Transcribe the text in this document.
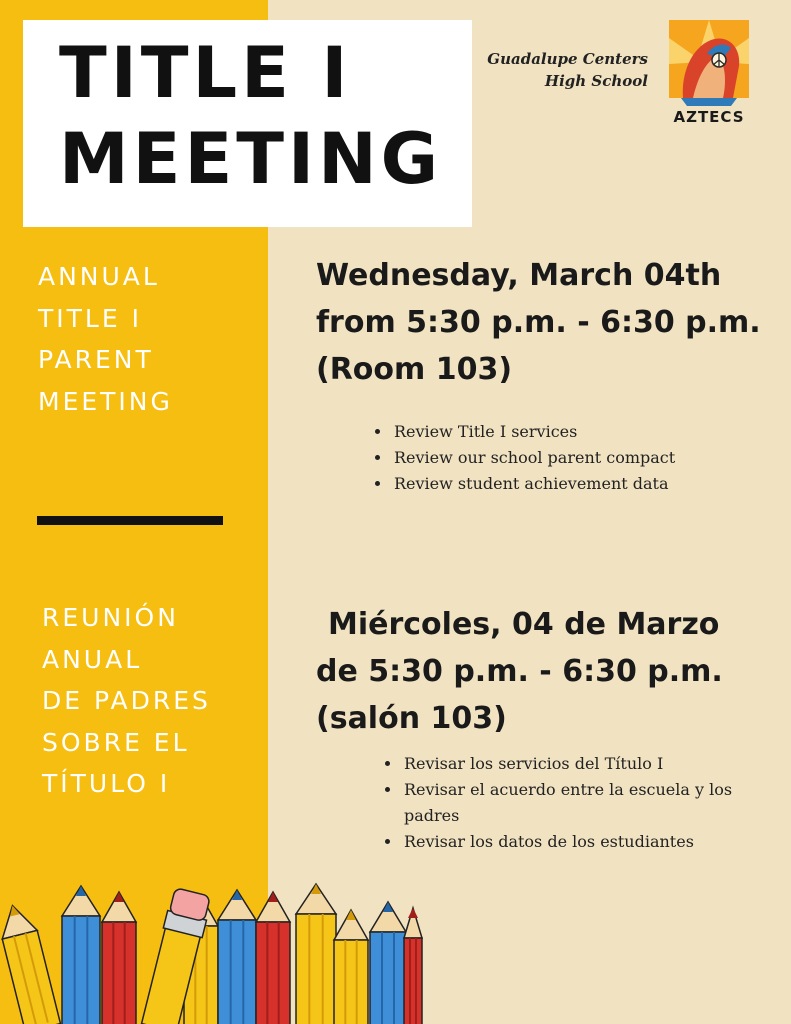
TITLE I
MEETING
Guadalupe Centers
High School
AZTECS
ANNUAL
TITLE I
PARENT
MEETING
REUNIÓN
ANUAL
DE PADRES
SOBRE EL
TÍTULO I
Wednesday, March 04th
from 5:30 p.m. - 6:30 p.m.
(Room 103)
• Review Title I services
• Review our school parent compact
• Review student achievement data
Miércoles, 04 de Marzo
de 5:30 p.m. - 6:30 p.m.
(salón 103)
• Revisar los servicios del Título I
• Revisar el acuerdo entre la escuela y los padres
• Revisar los datos de los estudiantes
